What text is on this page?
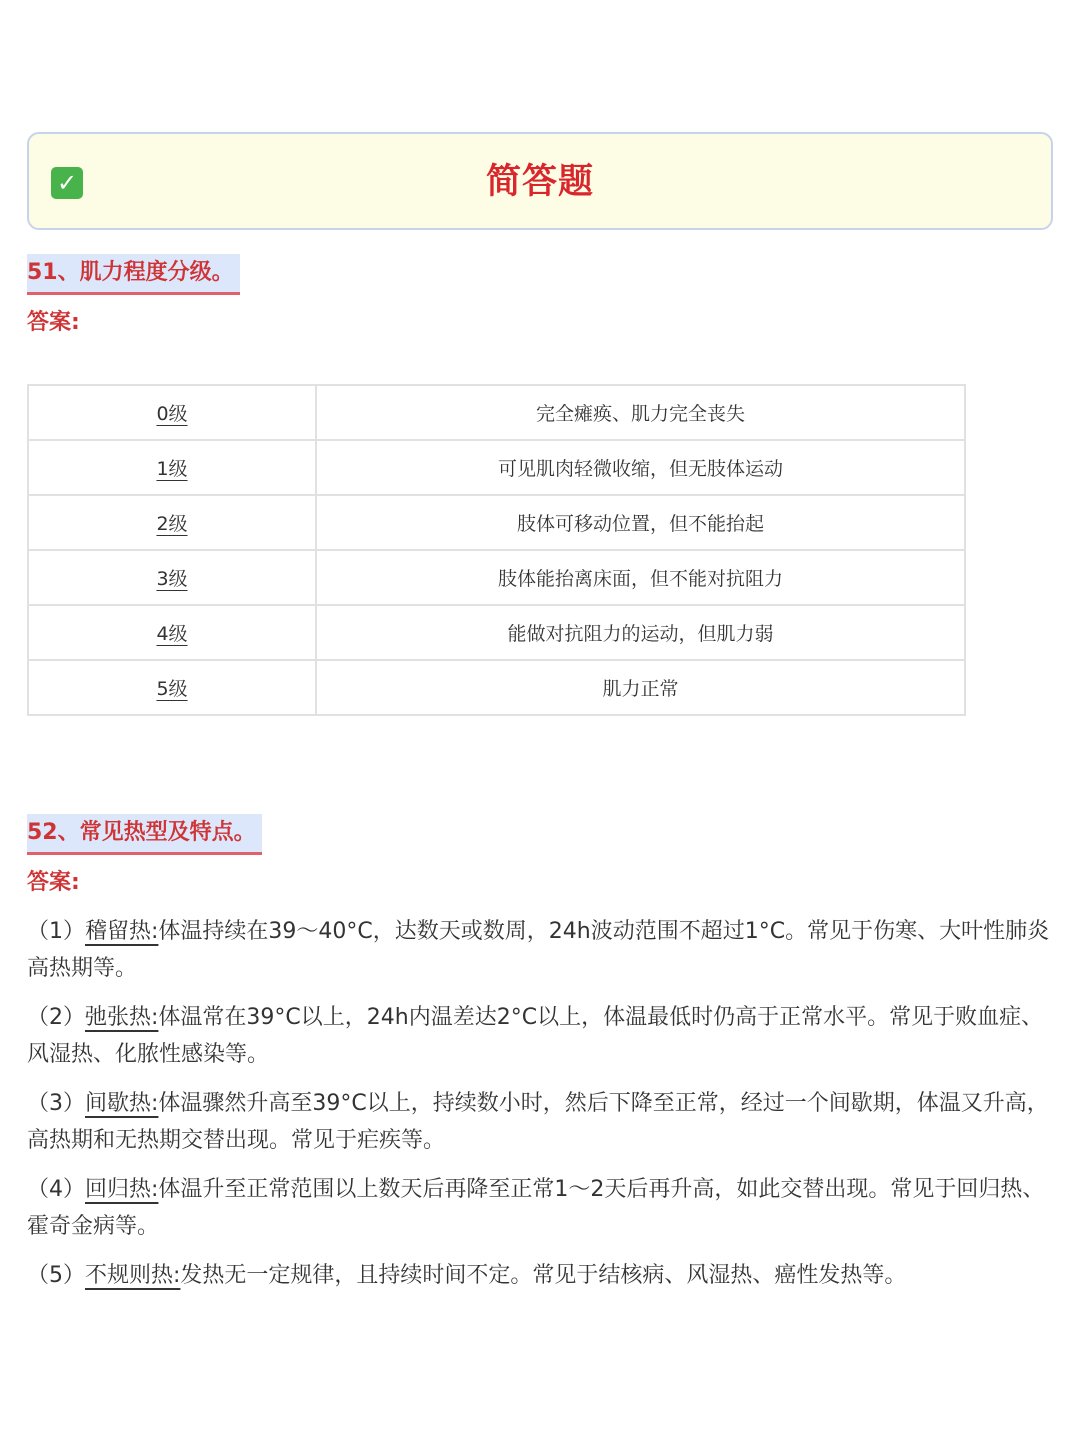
✓	简答题
51、肌力程度分级。
答案:
0级	完全瘫痪、肌力完全丧失
1级	可见肌肉轻微收缩，但无肢体运动
2级	肢体可移动位置，但不能抬起
3级	肢体能抬离床面，但不能对抗阻力
4级	能做对抗阻力的运动，但肌力弱
5级	肌力正常
52、常见热型及特点。
答案:
（1）稽留热:体温持续在39～40°C，达数天或数周，24h波动范围不超过1°C。常见于伤寒、大叶性肺炎高热期等。
（2）弛张热:体温常在39°C以上，24h内温差达2°C以上，体温最低时仍高于正常水平。常见于败血症、风湿热、化脓性感染等。
（3）间歇热:体温骤然升高至39°C以上，持续数小时，然后下降至正常，经过一个间歇期，体温又升高，高热期和无热期交替出现。常见于疟疾等。
（4）回归热:体温升至正常范围以上数天后再降至正常1～2天后再升高，如此交替出现。常见于回归热、霍奇金病等。
（5）不规则热:发热无一定规律，且持续时间不定。常见于结核病、风湿热、癌性发热等。
